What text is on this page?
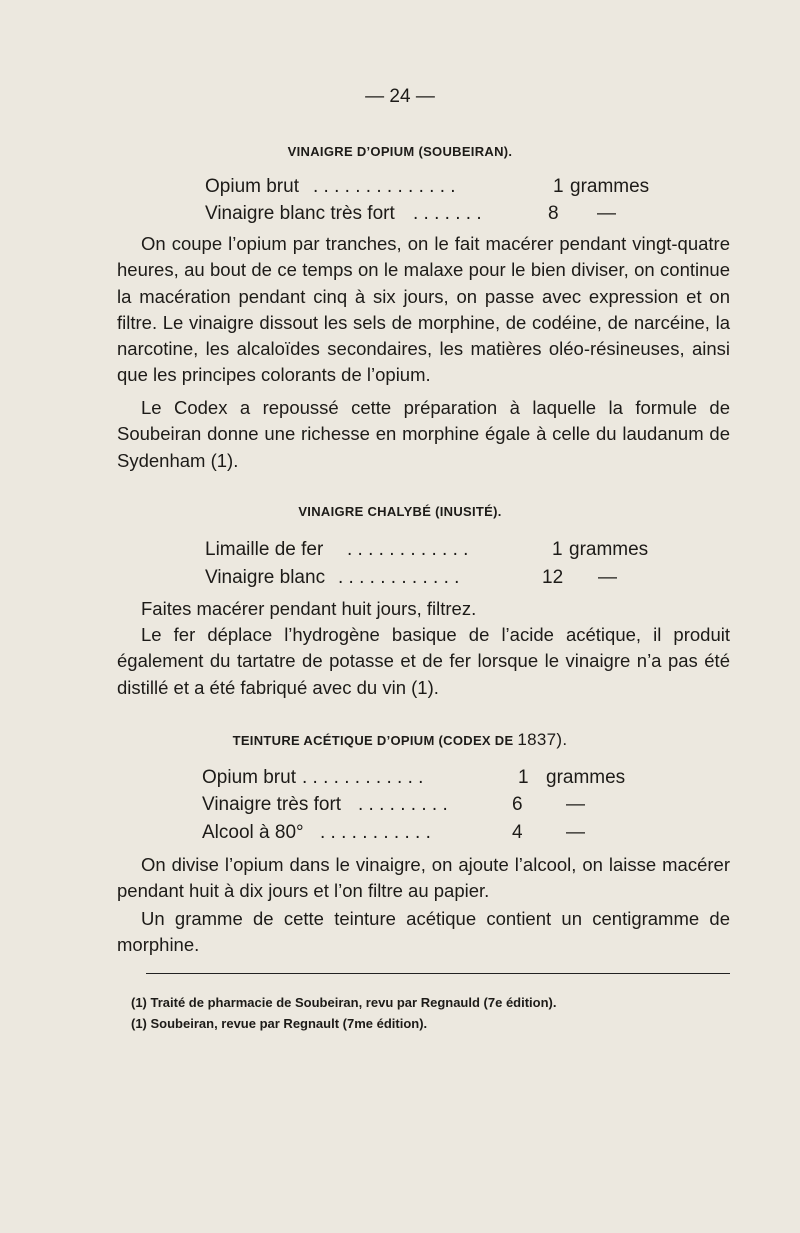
— 24 —
VINAIGRE D’OPIUM (SOUBEIRAN).
Opium brut . . . . . . . . . . . . . .	1 grammes
Vinaigre blanc très fort . . . . . . .	8 —

On coupe l’opium par tranches, on le fait macérer pendant vingt-quatre heures, au bout de ce temps on le malaxe pour le bien diviser, on continue la macération pendant cinq à six jours, on passe avec expression et on filtre. Le vinaigre dissout les sels de morphine, de codéine, de narcéine, la narcotine, les alcaloïdes secondaires, les matières oléo-résineuses, ainsi que les principes colorants de l’opium.

Le Codex a repoussé cette préparation à laquelle la formule de Soubeiran donne une richesse en morphine égale à celle du laudanum de Sydenham (1).

VINAIGRE CHALYBÉ (INUSITÉ).
Limaille de fer . . . . . . . . . . . .	1 grammes
Vinaigre blanc . . . . . . . . . . . .	12 —

Faites macérer pendant huit jours, filtrez.

Le fer déplace l’hydrogène basique de l’acide acétique, il produit également du tartatre de potasse et de fer lorsque le vinaigre n’a pas été distillé et a été fabriqué avec du vin (1).

TEINTURE ACÉTIQUE D’OPIUM (CODEX DE 1837).
Opium brut . . . . . . . . . . . .	1 grammes
Vinaigre très fort . . . . . . . . .	6 —
Alcool à 80° . . . . . . . . . . .	4 —

On divise l’opium dans le vinaigre, on ajoute l’alcool, on laisse macérer pendant huit à dix jours et l’on filtre au papier.

Un gramme de cette teinture acétique contient un centigramme de morphine.

(1) Traité de pharmacie de Soubeiran, revu par Regnauld (7e édition).
(1) Soubeiran, revue par Regnault (7me édition).
